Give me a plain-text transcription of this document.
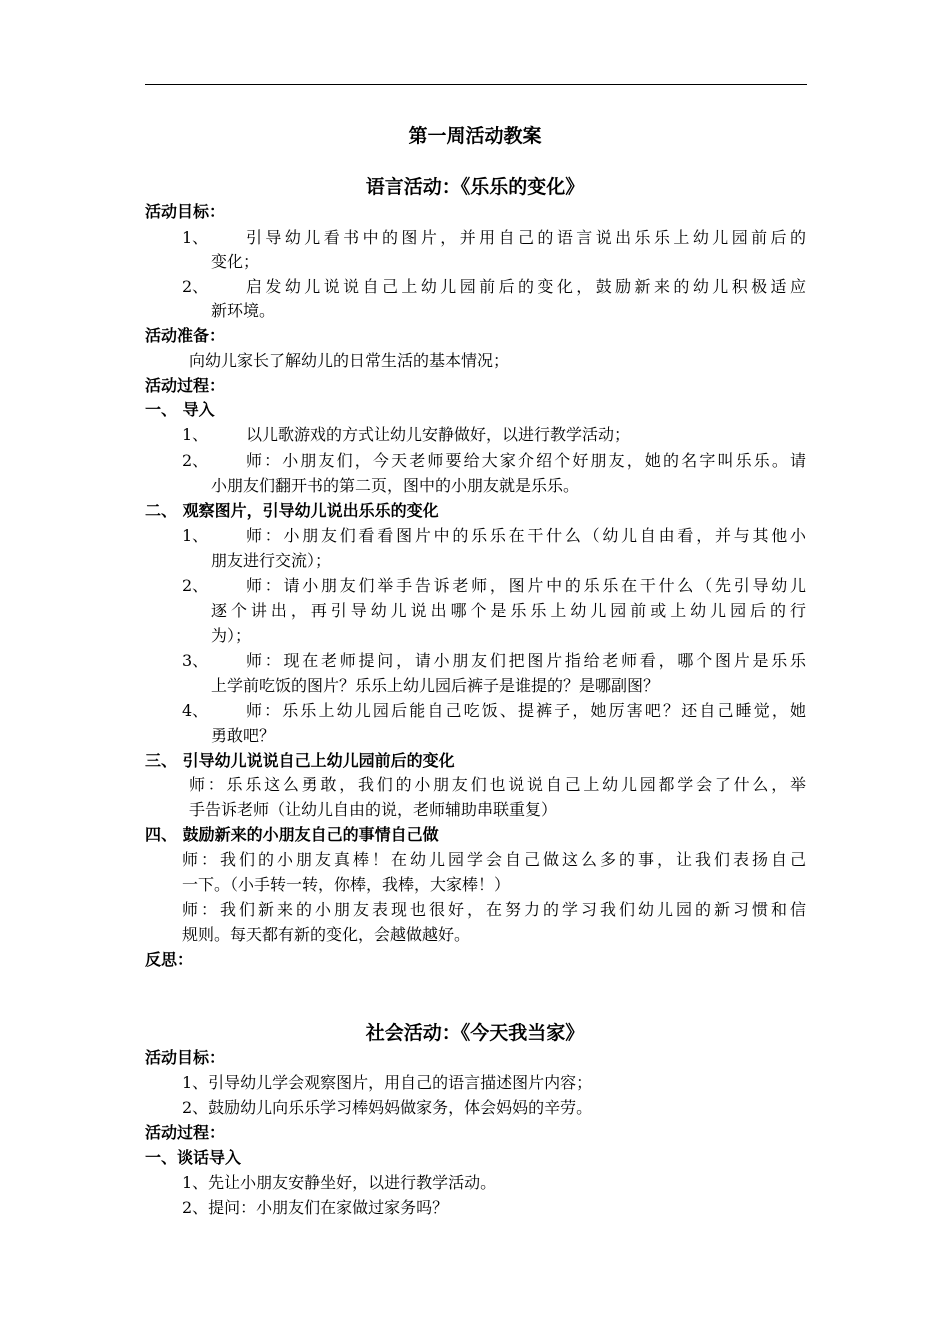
第一周活动教案
语言活动：《乐乐的变化》
活动目标：
1、 引导幼儿看书中的图片，并用自己的语言说出乐乐上幼儿园前后的
变化；
2、 启发幼儿说说自己上幼儿园前后的变化，鼓励新来的幼儿积极适应
新环境。
活动准备：
向幼儿家长了解幼儿的日常生活的基本情况；
活动过程：
一、 导入
1、 以儿歌游戏的方式让幼儿安静做好，以进行教学活动；
2、 师：小朋友们，今天老师要给大家介绍个好朋友，她的名字叫乐乐。请
小朋友们翻开书的第二页，图中的小朋友就是乐乐。
二、 观察图片，引导幼儿说出乐乐的变化
1、 师：小朋友们看看图片中的乐乐在干什么（幼儿自由看，并与其他小
朋友进行交流）；
2、 师：请小朋友们举手告诉老师，图片中的乐乐在干什么（先引导幼儿
逐个讲出，再引导幼儿说出哪个是乐乐上幼儿园前或上幼儿园后的行
为）；
3、 师：现在老师提问，请小朋友们把图片指给老师看，哪个图片是乐乐
上学前吃饭的图片？乐乐上幼儿园后裤子是谁提的？是哪副图？
4、 师：乐乐上幼儿园后能自己吃饭、提裤子，她厉害吧？还自己睡觉，她
勇敢吧？
三、 引导幼儿说说自己上幼儿园前后的变化
师：乐乐这么勇敢，我们的小朋友们也说说自己上幼儿园都学会了什么，举
手告诉老师（让幼儿自由的说，老师辅助串联重复）
四、 鼓励新来的小朋友自己的事情自己做
师：我们的小朋友真棒！在幼儿园学会自己做这么多的事，让我们表扬自己
一下。（小手转一转，你棒，我棒，大家棒！）
师：我们新来的小朋友表现也很好，在努力的学习我们幼儿园的新习惯和信
规则。每天都有新的变化，会越做越好。
反思：
社会活动：《今天我当家》
活动目标：
1、引导幼儿学会观察图片，用自己的语言描述图片内容；
2、鼓励幼儿向乐乐学习棒妈妈做家务，体会妈妈的辛劳。
活动过程：
一、谈话导入
1、先让小朋友安静坐好，以进行教学活动。
2、提问：小朋友们在家做过家务吗？
